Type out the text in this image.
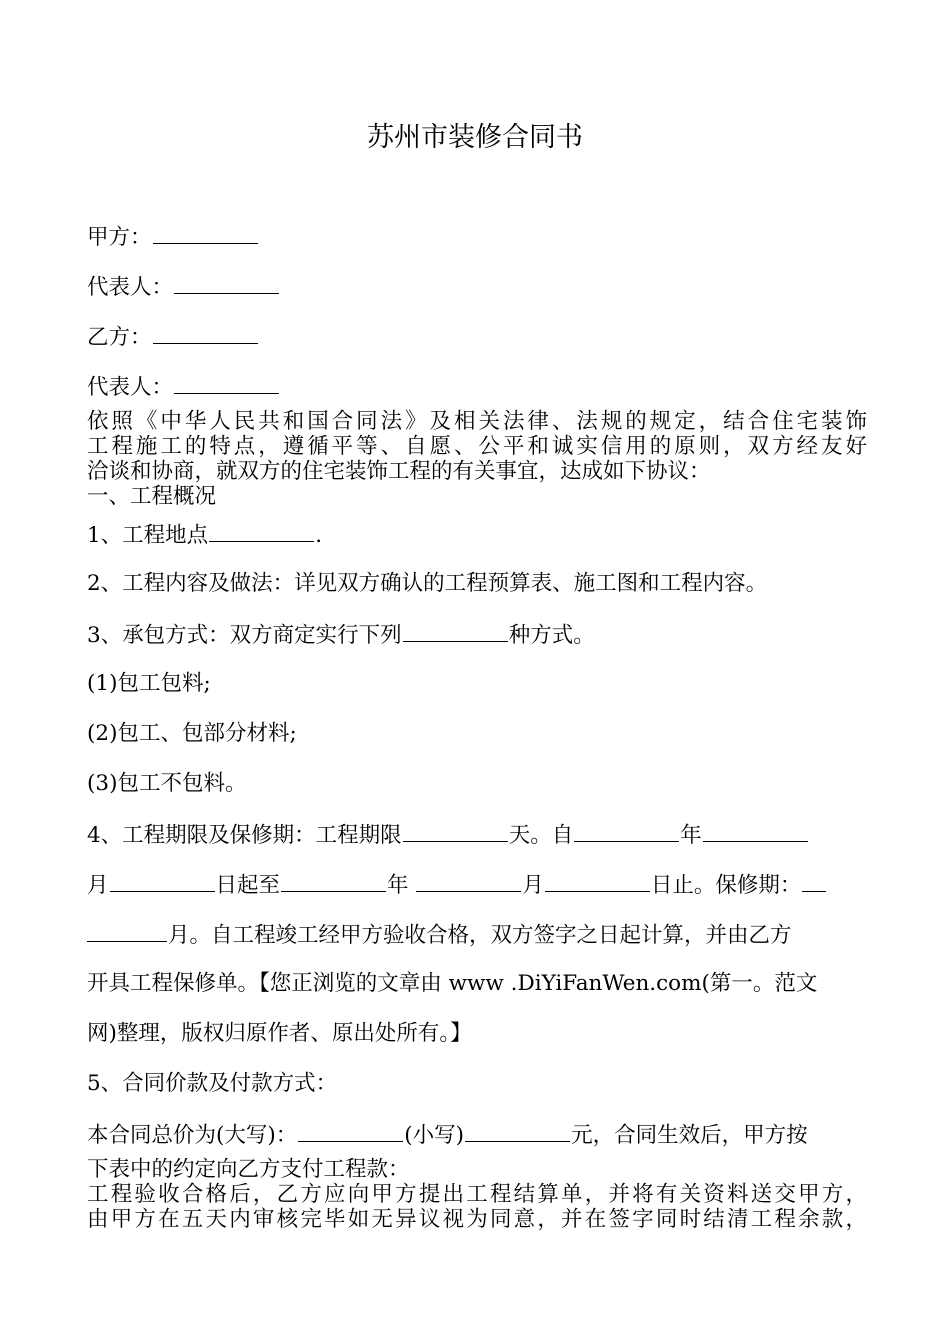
苏州市装修合同书
甲方：
代表人：
乙方：
代表人：
依照《中华人民共和国合同法》及相关法律、法规的规定，结合住宅装饰
工程施工的特点，遵循平等、自愿、公平和诚实信用的原则，双方经友好
洽谈和协商，就双方的住宅装饰工程的有关事宜，达成如下协议：
一、工程概况
1、工程地点	.
2、工程内容及做法：详见双方确认的工程预算表、施工图和工程内容。
3、承包方式：双方商定实行下列	种方式。
(1)包工包料;
(2)包工、包部分材料;
(3)包工不包料。
4、工程期限及保修期：工程期限	天。自	年
月	日起至	年	月	日止。保修期：
月。自工程竣工经甲方验收合格，双方签字之日起计算，并由乙方
开具工程保修单。【您正浏览的文章由 www .DiYiFanWen.com(第一。范文
网)整理，版权归原作者、原出处所有。】
5、合同价款及付款方式：
本合同总价为(大写)：	(小写)	元，合同生效后，甲方按
下表中的约定向乙方支付工程款：
工程验收合格后，乙方应向甲方提出工程结算单，并将有关资料送交甲方，
由甲方在五天内审核完毕如无异议视为同意，并在签字同时结清工程余款，
